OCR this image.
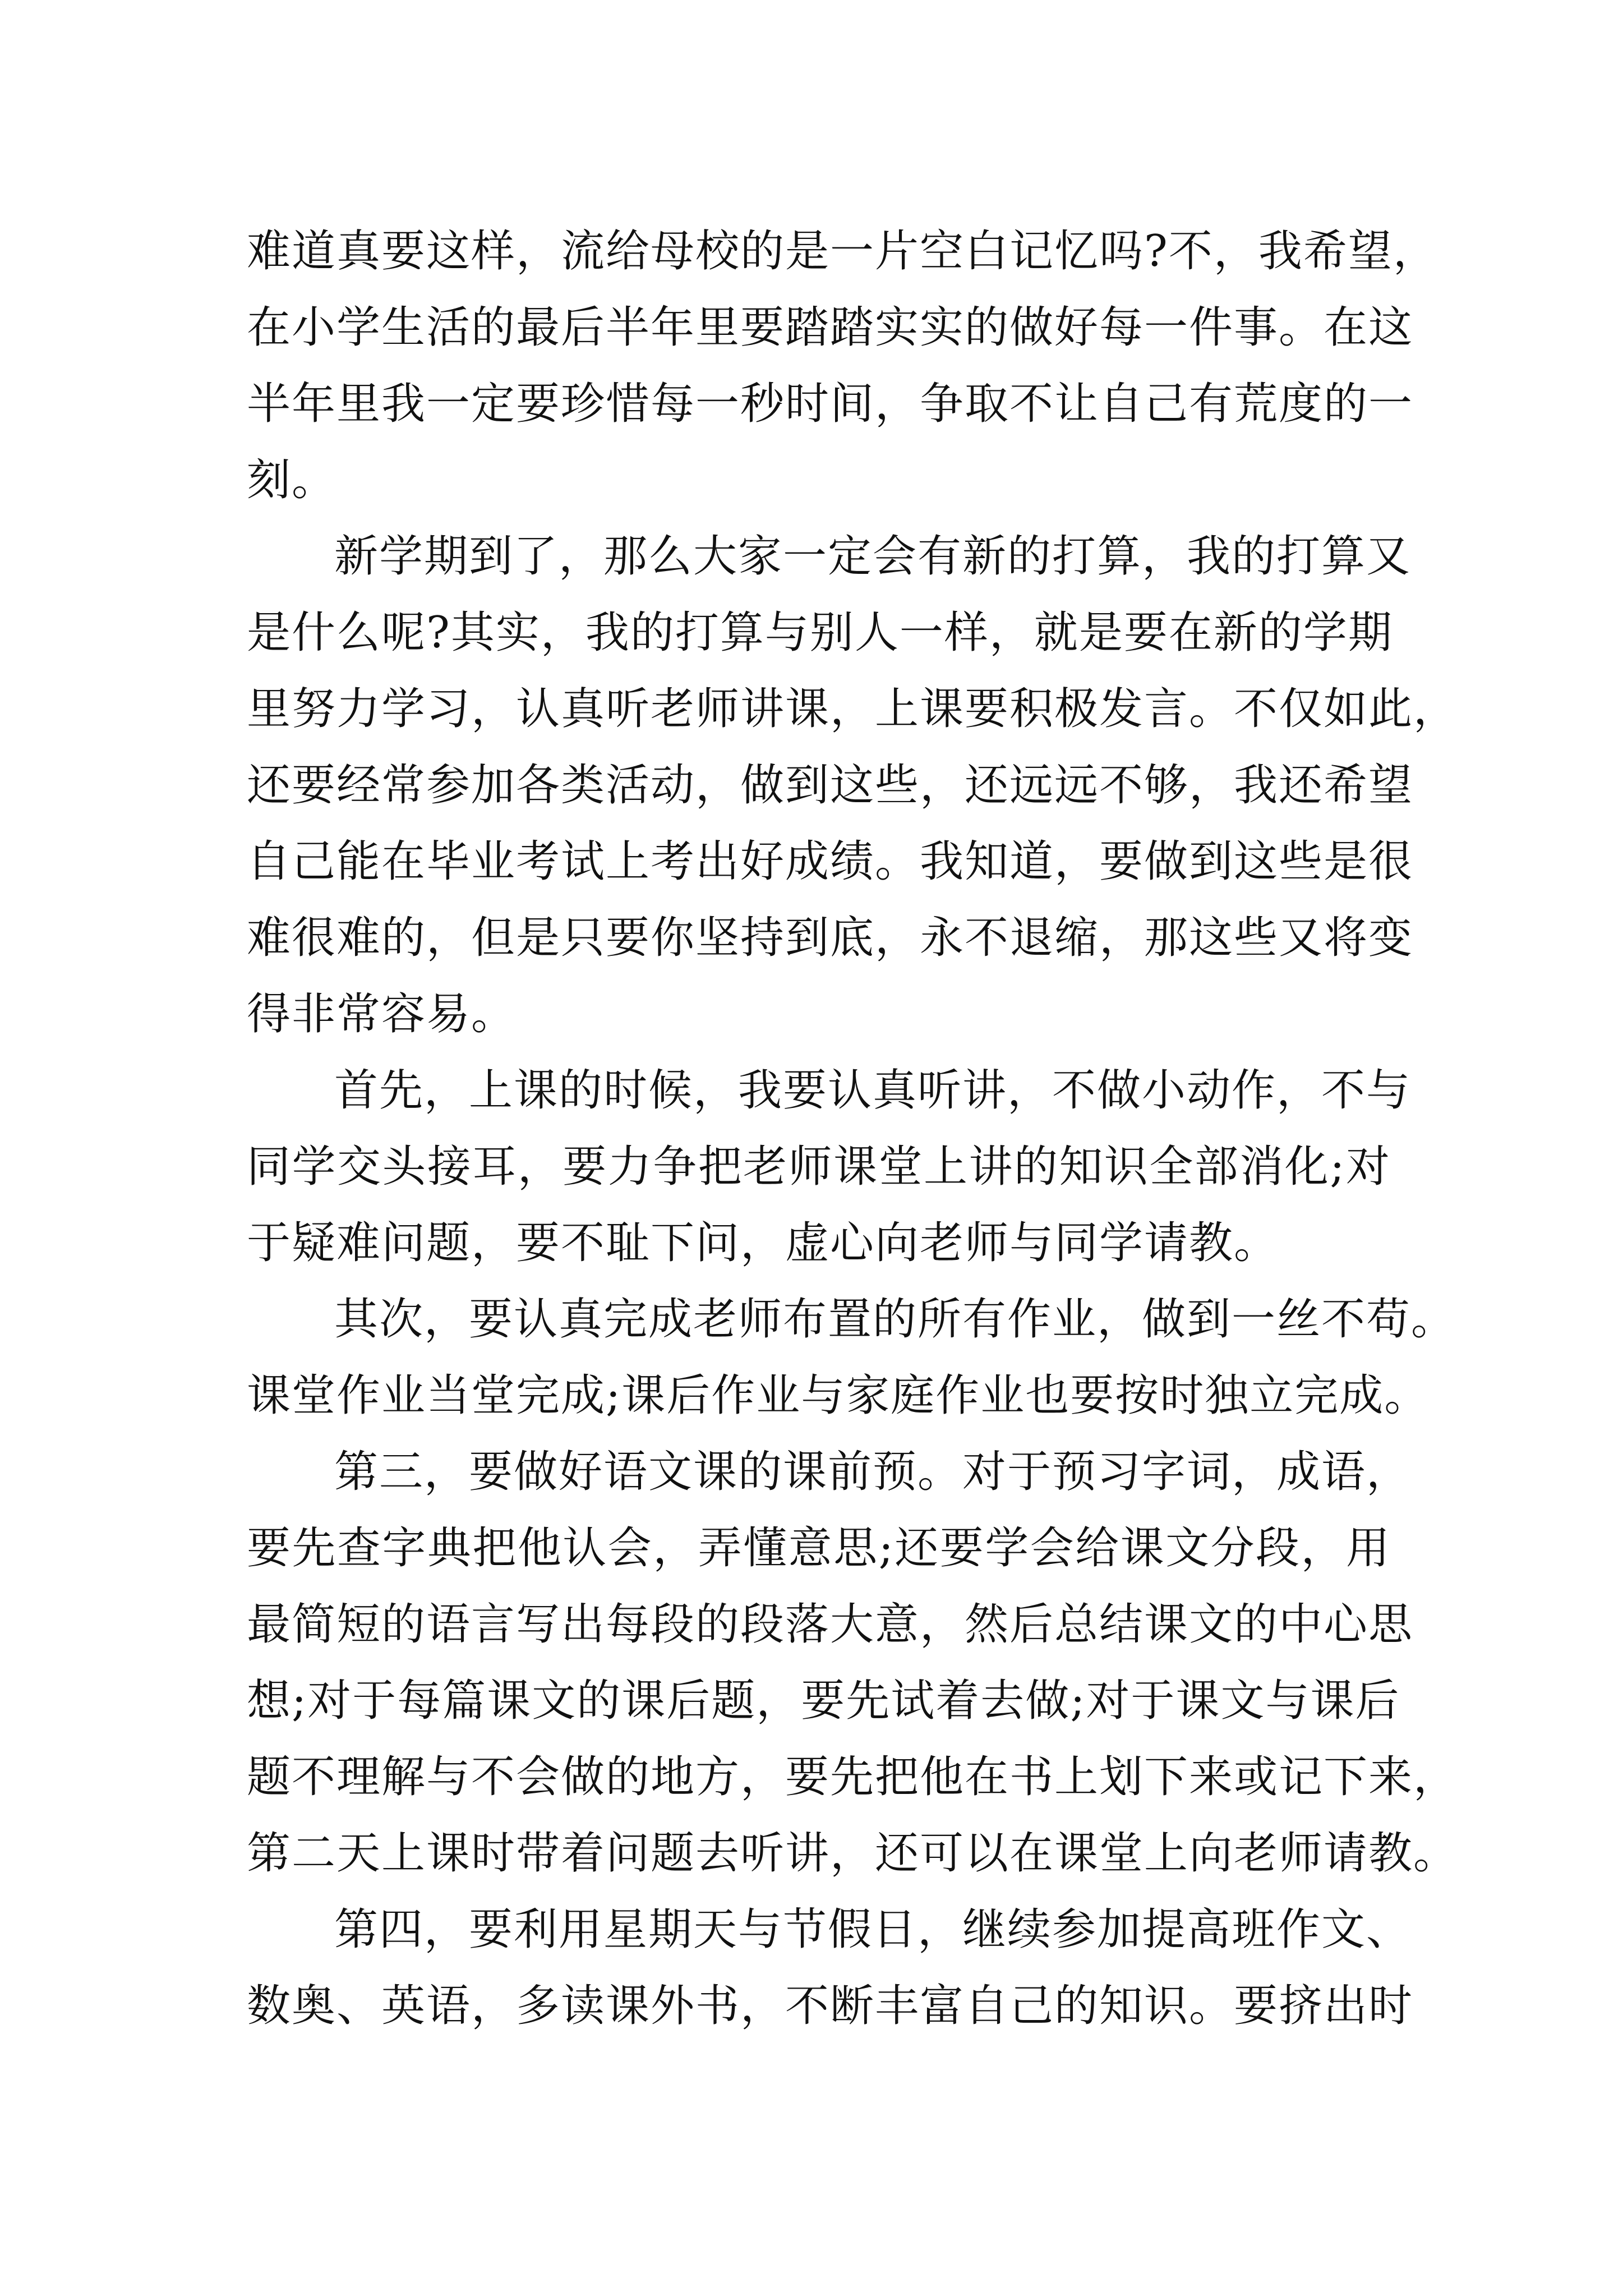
难道真要这样，流给母校的是一片空白记忆吗?不，我希望，
在小学生活的最后半年里要踏踏实实的做好每一件事。在这
半年里我一定要珍惜每一秒时间，争取不让自己有荒度的一
刻。
新学期到了，那么大家一定会有新的打算，我的打算又
是什么呢?其实，我的打算与别人一样，就是要在新的学期
里努力学习，认真听老师讲课，上课要积极发言。不仅如此，
还要经常参加各类活动，做到这些，还远远不够，我还希望
自己能在毕业考试上考出好成绩。我知道，要做到这些是很
难很难的，但是只要你坚持到底，永不退缩，那这些又将变
得非常容易。
首先，上课的时候，我要认真听讲，不做小动作，不与
同学交头接耳，要力争把老师课堂上讲的知识全部消化;对
于疑难问题，要不耻下问，虚心向老师与同学请教。
其次，要认真完成老师布置的所有作业，做到一丝不苟。
课堂作业当堂完成;课后作业与家庭作业也要按时独立完成。
第三，要做好语文课的课前预。对于预习字词，成语，
要先查字典把他认会，弄懂意思;还要学会给课文分段，用
最简短的语言写出每段的段落大意，然后总结课文的中心思
想;对于每篇课文的课后题，要先试着去做;对于课文与课后
题不理解与不会做的地方，要先把他在书上划下来或记下来，
第二天上课时带着问题去听讲，还可以在课堂上向老师请教。
第四，要利用星期天与节假日，继续参加提高班作文、
数奥、英语，多读课外书，不断丰富自己的知识。要挤出时
